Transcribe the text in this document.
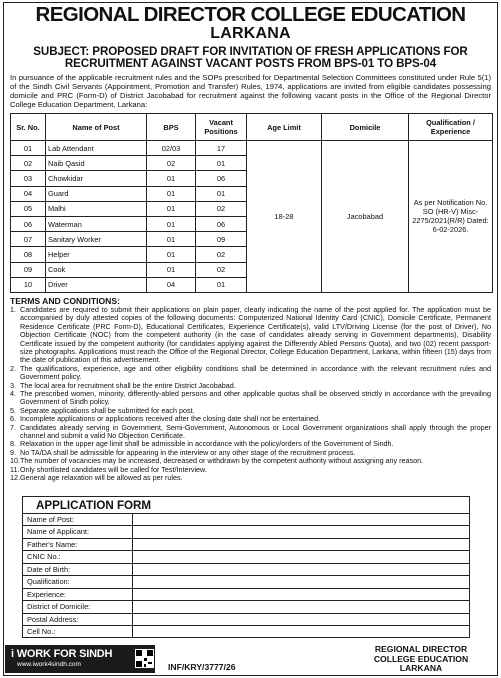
REGIONAL DIRECTOR COLLEGE EDUCATION
LARKANA
SUBJECT: PROPOSED DRAFT FOR INVITATION OF FRESH APPLICATIONS FOR
RECRUITMENT AGAINST VACANT POSTS FROM BPS-01 TO BPS-04
In pursuance of the applicable recruitment rules and the SOPs prescribed for Departmental Selection Committees constituted under Rule 5(1) of the Sindh Civil Servants (Appointment, Promotion and Transfer) Rules, 1974, applications are invited from eligible candidates possessing domicile and PRC (Form-D) of District Jacobabad for recruitment against the following vacant posts in the Office of the Regional Director College Education Department, Larkana:
Sr. No.	Name of Post	BPS	Vacant Positions	Age Limit	Domicile	Qualification / Experience
01	Lab Attendant	02/03	17	18-28	Jacobabad	As per Notification No. SO (HR-V) Misc-2275/2021(R/R) Dated: 6-02-2026.
02	Naib Qasid	02	01			
03	Chowkidar	01	06			
04	Guard	01	01			
05	Malhi	01	02			
06	Waterman	01	06			
07	Sanitary Worker	01	09			
08	Helper	01	02			
09	Cook	01	02			
10	Driver	04	01			
TERMS AND CONDITIONS:
1. Candidates are required to submit their applications on plain paper, clearly indicating the name of the post applied for. The application must be accompanied by duly attested copies of the following documents: Computerized National Identity Card (CNIC), Domicile Certificate, Permanent Residence Certificate (PRC Form-D), Educational Certificates, Experience Certificate(s), valid LTV/Driving License (for the post of Driver), No Objection Certificate (NOC) from the competent authority (in the case of candidates already serving in Government departments), Disability Certificate issued by the competent authority (for candidates applying against the Differently Abled Persons Quota), and two (02) recent passport-size photographs. Applications must reach the Office of the Regional Director, College Education Department, Larkana, within fifteen (15) days from the date of publication of this advertisement.
2. The qualifications, experience, age and other eligibility conditions shall be determined in accordance with the relevant recruitment rules and Government policy.
3. The local area for recruitment shall be the entire District Jacobabad.
4. The prescribed women, minority, differently-abled persons and other applicable quotas shall be observed strictly in accordance with the prevailing Government of Sindh policy.
5. Separate applications shall be submitted for each post.
6. Incomplete applications or applications received after the closing date shall not be entertained.
7. Candidates already serving in Government, Semi-Government, Autonomous or Local Government organizations shall apply through the proper channel and submit a valid No Objection Certificate.
8. Relaxation in the upper age limit shall be admissible in accordance with the policy/orders of the Government of Sindh.
9. No TA/DA shall be admissible for appearing in the interview or any other stage of the recruitment process.
10. The number of vacancies may be increased, decreased or withdrawn by the competent authority without assigning any reason.
11. Only shortlisted candidates will be called for Test/Interview.
12. General age relaxation will be allowed as per rules.
APPLICATION FORM
Name of Post:
Name of Applicant:
Father's Name:
CNIC No.:
Date of Birth:
Qualification:
Experience:
District of Domicile:
Postal Address:
Cell No.:
i WORK FOR SINDH
www.iwork4sindh.com	INF/KRY/3777/26
REGIONAL DIRECTOR
COLLEGE EDUCATION
LARKANA
